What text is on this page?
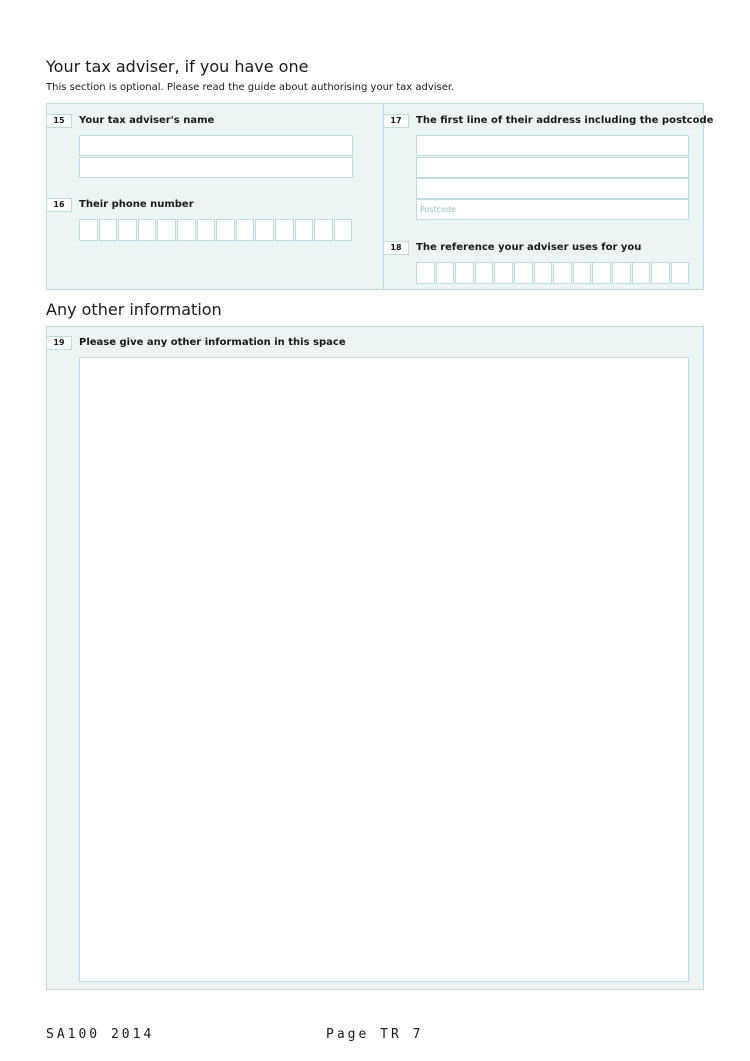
Your tax adviser, if you have one
This section is optional. Please read the guide about authorising your tax adviser.
15	Your tax adviser's name
16	Their phone number
17	The first line of their address including the postcode
Postcode
18	The reference your adviser uses for you
Any other information
19	Please give any other information in this space
SA100 2014	Page TR 7
